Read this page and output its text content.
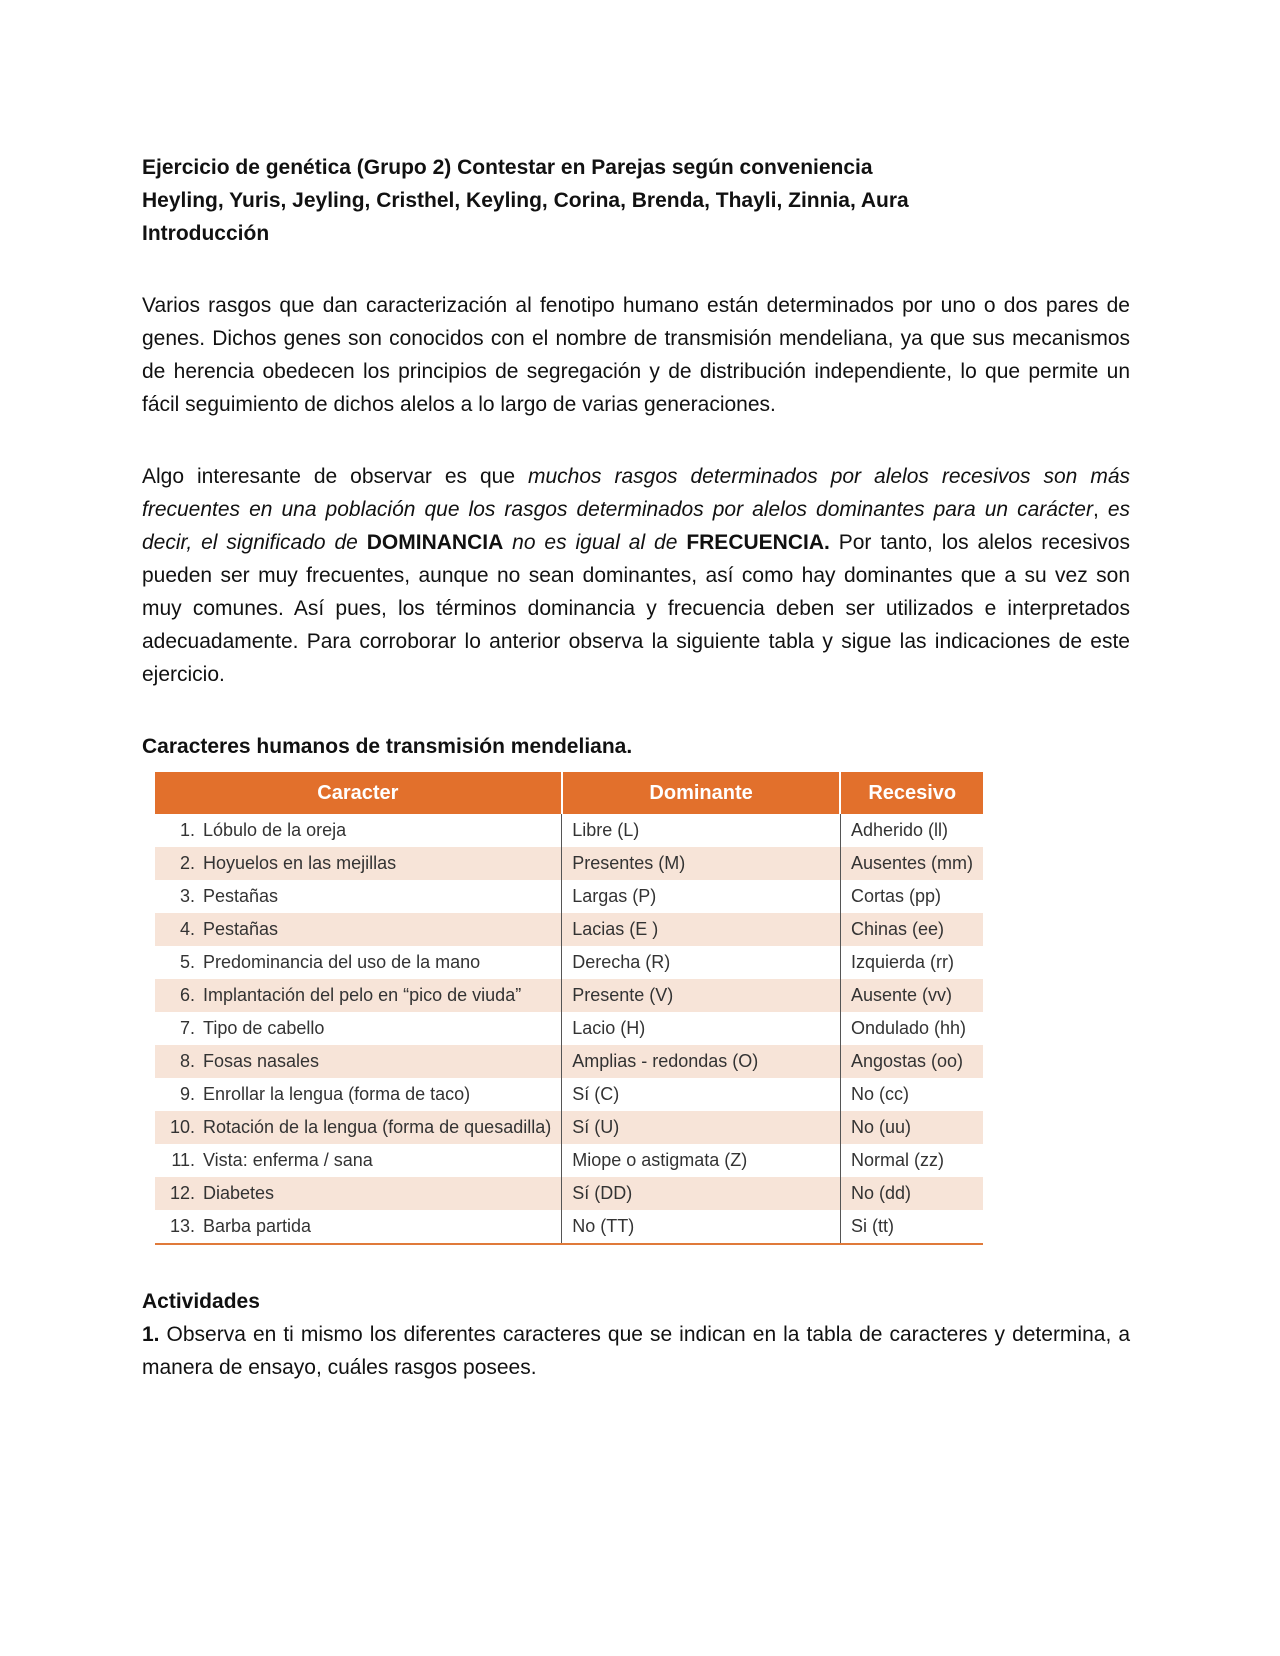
Ejercicio de genética (Grupo 2) Contestar en Parejas según conveniencia

Heyling, Yuris, Jeyling, Cristhel, Keyling, Corina, Brenda, Thayli, Zinnia, Aura

Introducción

Varios rasgos que dan caracterización al fenotipo humano están determinados por uno o dos pares de genes. Dichos genes son conocidos con el nombre de transmisión mendeliana, ya que sus mecanismos de herencia obedecen los principios de segregación y de distribución independiente, lo que permite un fácil seguimiento de dichos alelos a lo largo de varias generaciones.

Algo interesante de observar es que muchos rasgos determinados por alelos recesivos son más frecuentes en una población que los rasgos determinados por alelos dominantes para un carácter, es decir, el significado de DOMINANCIA no es igual al de FRECUENCIA. Por tanto, los alelos recesivos pueden ser muy frecuentes, aunque no sean dominantes, así como hay dominantes que a su vez son muy comunes. Así pues, los términos dominancia y frecuencia deben ser utilizados e interpretados adecuadamente. Para corroborar lo anterior observa la siguiente tabla y sigue las indicaciones de este ejercicio.

Caracteres humanos de transmisión mendeliana.

Caracter	Dominante	Recesivo
1. Lóbulo de la oreja	Libre (L)	Adherido (ll)
2. Hoyuelos en las mejillas	Presentes (M)	Ausentes (mm)
3. Pestañas	Largas (P)	Cortas (pp)
4. Pestañas	Lacias (E )	Chinas (ee)
5. Predominancia del uso de la mano	Derecha (R)	Izquierda (rr)
6. Implantación del pelo en “pico de viuda”	Presente (V)	Ausente (vv)
7. Tipo de cabello	Lacio (H)	Ondulado (hh)
8. Fosas nasales	Amplias - redondas (O)	Angostas (oo)
9. Enrollar la lengua (forma de taco)	Sí (C)	No (cc)
10. Rotación de la lengua (forma de quesadilla)	Sí (U)	No (uu)
11. Vista: enferma / sana	Miope o astigmata (Z)	Normal (zz)
12. Diabetes	Sí (DD)	No (dd)
13. Barba partida	No (TT)	Si (tt)

Actividades

1. Observa en ti mismo los diferentes caracteres que se indican en la tabla de caracteres y determina, a manera de ensayo, cuáles rasgos posees.
